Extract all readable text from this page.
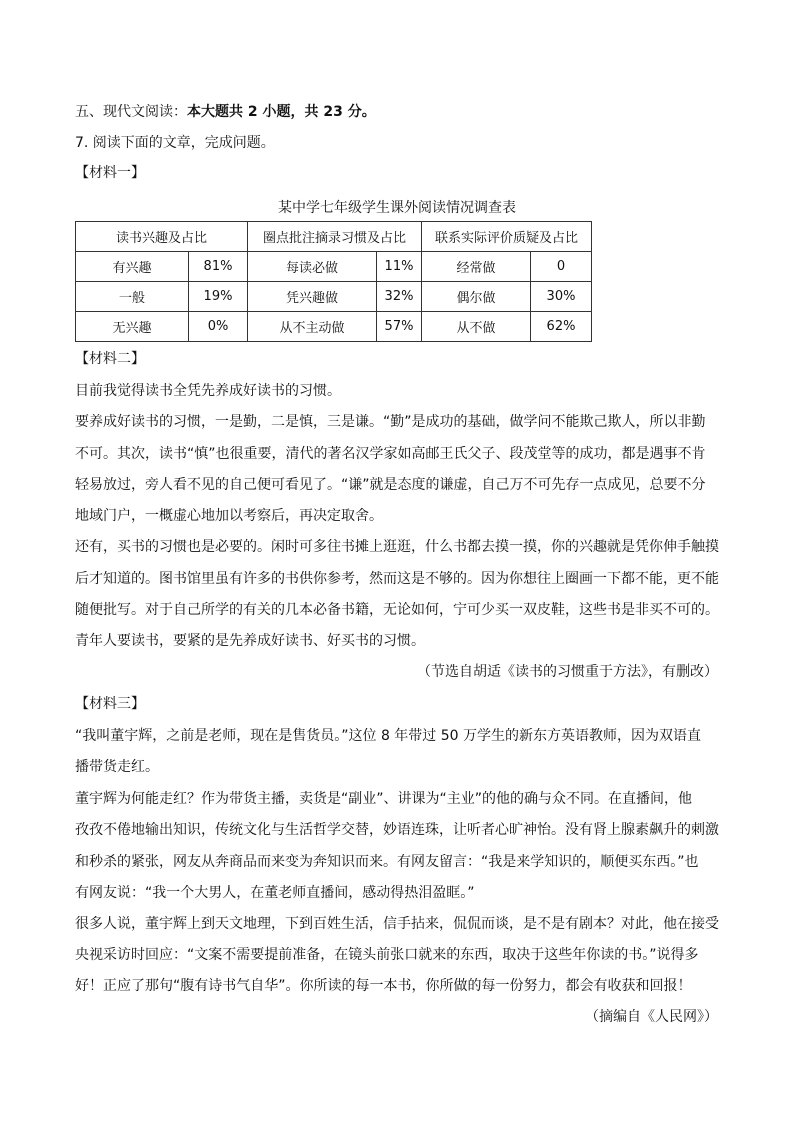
五、现代文阅读：本大题共 2 小题，共 23 分。
7. 阅读下面的文章，完成问题。
【材料一】
某中学七年级学生课外阅读情况调查表
读书兴趣及占比		圈点批注摘录习惯及占比		联系实际评价质疑及占比	
有兴趣	81%	每读必做	11%	经常做	0
一般	19%	凭兴趣做	32%	偶尔做	30%
无兴趣	0%	从不主动做	57%	从不做	62%
【材料二】
目前我觉得读书全凭先养成好读书的习惯。
要养成好读书的习惯，一是勤，二是慎，三是谦。“勤”是成功的基础，做学问不能欺己欺人，所以非勤
不可。其次，读书“慎”也很重要，清代的著名汉学家如高邮王氏父子、段茂堂等的成功，都是遇事不肯
轻易放过，旁人看不见的自己便可看见了。“谦”就是态度的谦虚，自己万不可先存一点成见，总要不分
地域门户，一概虚心地加以考察后，再决定取舍。
还有，买书的习惯也是必要的。闲时可多往书摊上逛逛，什么书都去摸一摸，你的兴趣就是凭你伸手触摸
后才知道的。图书馆里虽有许多的书供你参考，然而这是不够的。因为你想往上圈画一下都不能，更不能
随便批写。对于自己所学的有关的几本必备书籍，无论如何，宁可少买一双皮鞋，这些书是非买不可的。
青年人要读书，要紧的是先养成好读书、好买书的习惯。
（节选自胡适《读书的习惯重于方法》，有删改）
【材料三】
“我叫董宇辉，之前是老师，现在是售货员。”这位 8 年带过 50 万学生的新东方英语教师，因为双语直
播带货走红。
董宇辉为何能走红？作为带货主播，卖货是“副业”、讲课为“主业”的他的确与众不同。在直播间，他
孜孜不倦地输出知识，传统文化与生活哲学交替，妙语连珠，让听者心旷神怡。没有肾上腺素飙升的刺激
和秒杀的紧张，网友从奔商品而来变为奔知识而来。有网友留言：“我是来学知识的，顺便买东西。”也
有网友说：“我一个大男人，在董老师直播间，感动得热泪盈眶。”
很多人说，董宇辉上到天文地理，下到百姓生活，信手拈来，侃侃而谈，是不是有剧本？对此，他在接受
央视采访时回应：“文案不需要提前准备，在镜头前张口就来的东西，取决于这些年你读的书。”说得多
好！正应了那句“腹有诗书气自华”。你所读的每一本书，你所做的每一份努力，都会有收获和回报！
（摘编自《人民网》）
